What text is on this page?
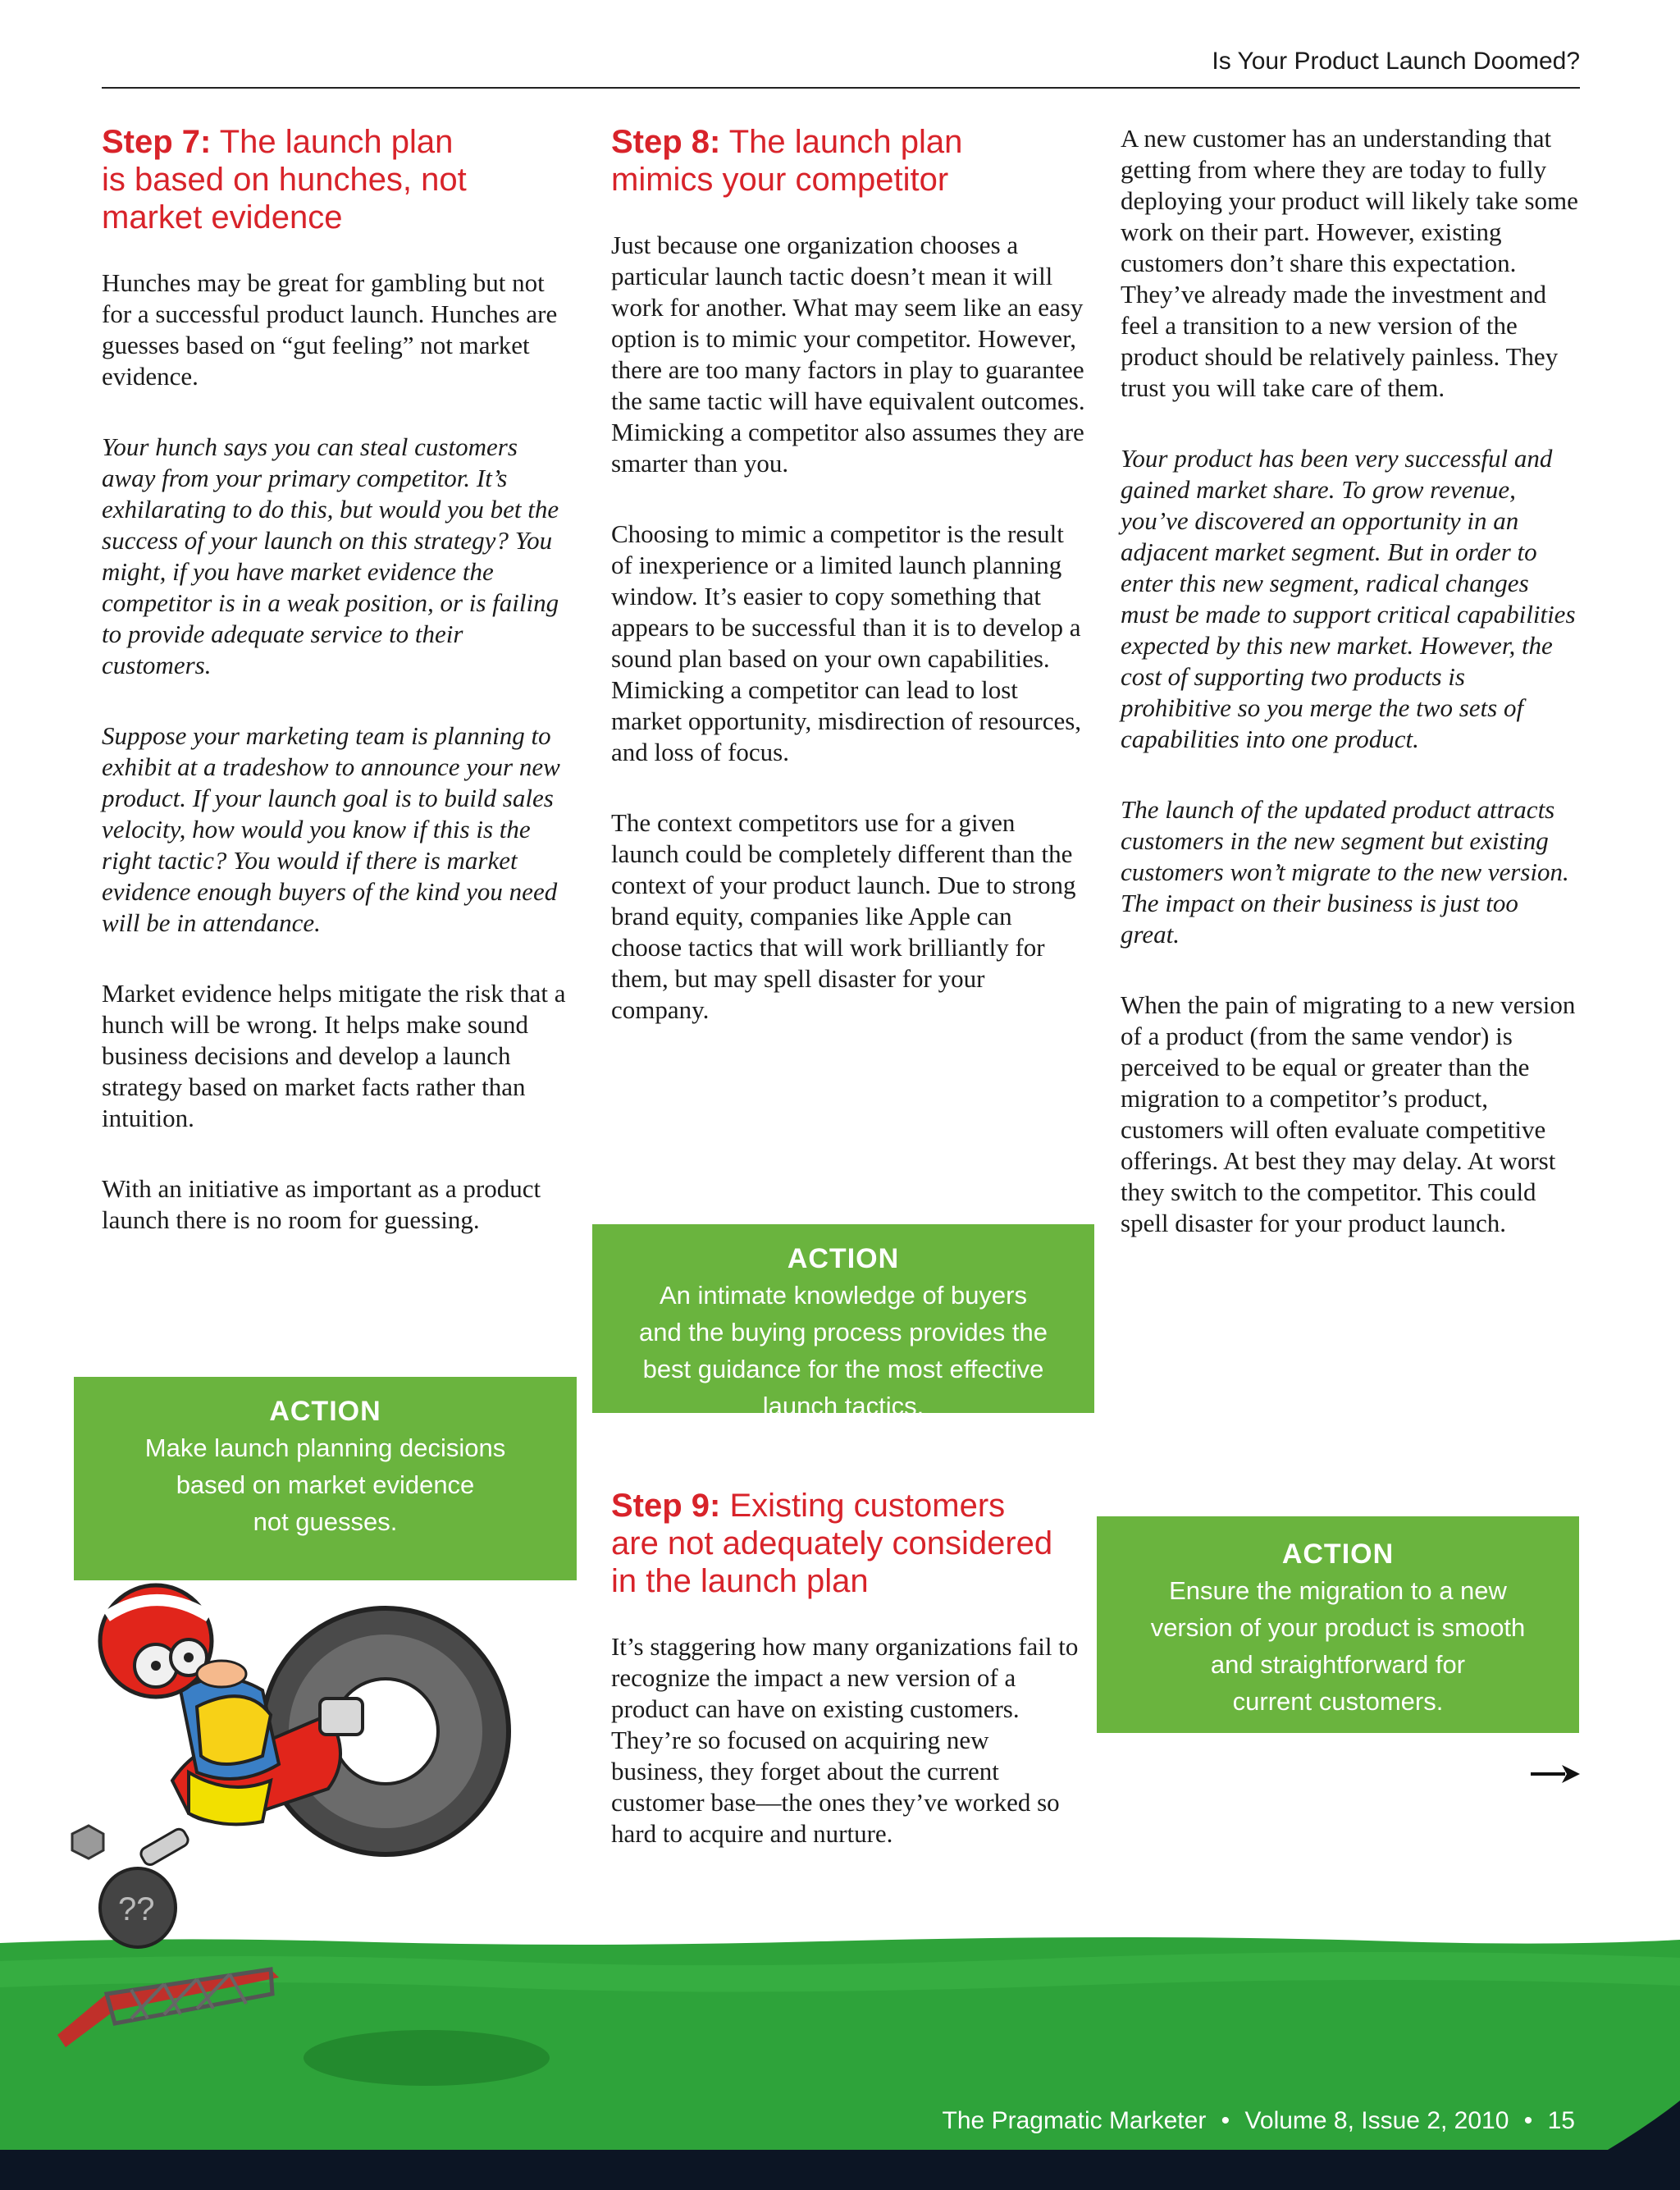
Is Your Product Launch Doomed?
Step 7: The launch plan
is based on hunches, not
market evidence

Hunches may be great for gambling but not for a successful product launch. Hunches are guesses based on “gut feeling” not market evidence.

Your hunch says you can steal customers away from your primary competitor. It’s exhilarating to do this, but would you bet the success of your launch on this strategy? You might, if you have market evidence the competitor is in a weak position, or is failing to provide adequate service to their customers.

Suppose your marketing team is planning to exhibit at a tradeshow to announce your new product. If your launch goal is to build sales velocity, how would you know if this is the right tactic? You would if there is market evidence enough buyers of the kind you need will be in attendance.

Market evidence helps mitigate the risk that a hunch will be wrong. It helps make sound business decisions and develop a launch strategy based on market facts rather than intuition.

With an initiative as important as a product launch there is no room for guessing.

Step 8: The launch plan
mimics your competitor

Just because one organization chooses a particular launch tactic doesn’t mean it will work for another. What may seem like an easy option is to mimic your competitor. However, there are too many factors in play to guarantee the same tactic will have equivalent outcomes. Mimicking a competitor also assumes they are smarter than you.

Choosing to mimic a competitor is the result of inexperience or a limited launch planning window. It’s easier to copy something that appears to be successful than it is to develop a sound plan based on your own capabilities. Mimicking a competitor can lead to lost market opportunity, misdirection of resources, and loss of focus.

The context competitors use for a given launch could be completely different than the context of your product launch. Due to strong brand equity, companies like Apple can choose tactics that will work brilliantly for them, but may spell disaster for your company.

Step 9: Existing customers
are not adequately considered
in the launch plan

It’s staggering how many organizations fail to recognize the impact a new version of a product can have on existing customers. They’re so focused on acquiring new business, they forget about the current customer base—the ones they’ve worked so hard to acquire and nurture.

A new customer has an understanding that getting from where they are today to fully deploying your product will likely take some work on their part. However, existing customers don’t share this expectation. They’ve already made the investment and feel a transition to a new version of the product should be relatively painless. They trust you will take care of them.

Your product has been very successful and gained market share. To grow revenue, you’ve discovered an opportunity in an adjacent market segment. But in order to enter this new segment, radical changes must be made to support critical capabilities expected by this new market. However, the cost of supporting two products is prohibitive so you merge the two sets of capabilities into one product.

The launch of the updated product attracts customers in the new segment but existing customers won’t migrate to the new version. The impact on their business is just too great.

When the pain of migrating to a new version of a product (from the same vendor) is perceived to be equal or greater than the migration to a competitor’s product, customers will often evaluate competitive offerings. At best they may delay. At worst they switch to the competitor. This could spell disaster for your product launch.

ACTION
An intimate knowledge of buyers
and the buying process provides the
best guidance for the most effective
launch tactics.
ACTION
Ensure the migration to a new
version of your product is smooth
and straightforward for
current customers.
??
ACTION
Make launch planning decisions
based on market evidence
not guesses.
The Pragmatic Marketer • Volume 8, Issue 2, 2010 • 15
